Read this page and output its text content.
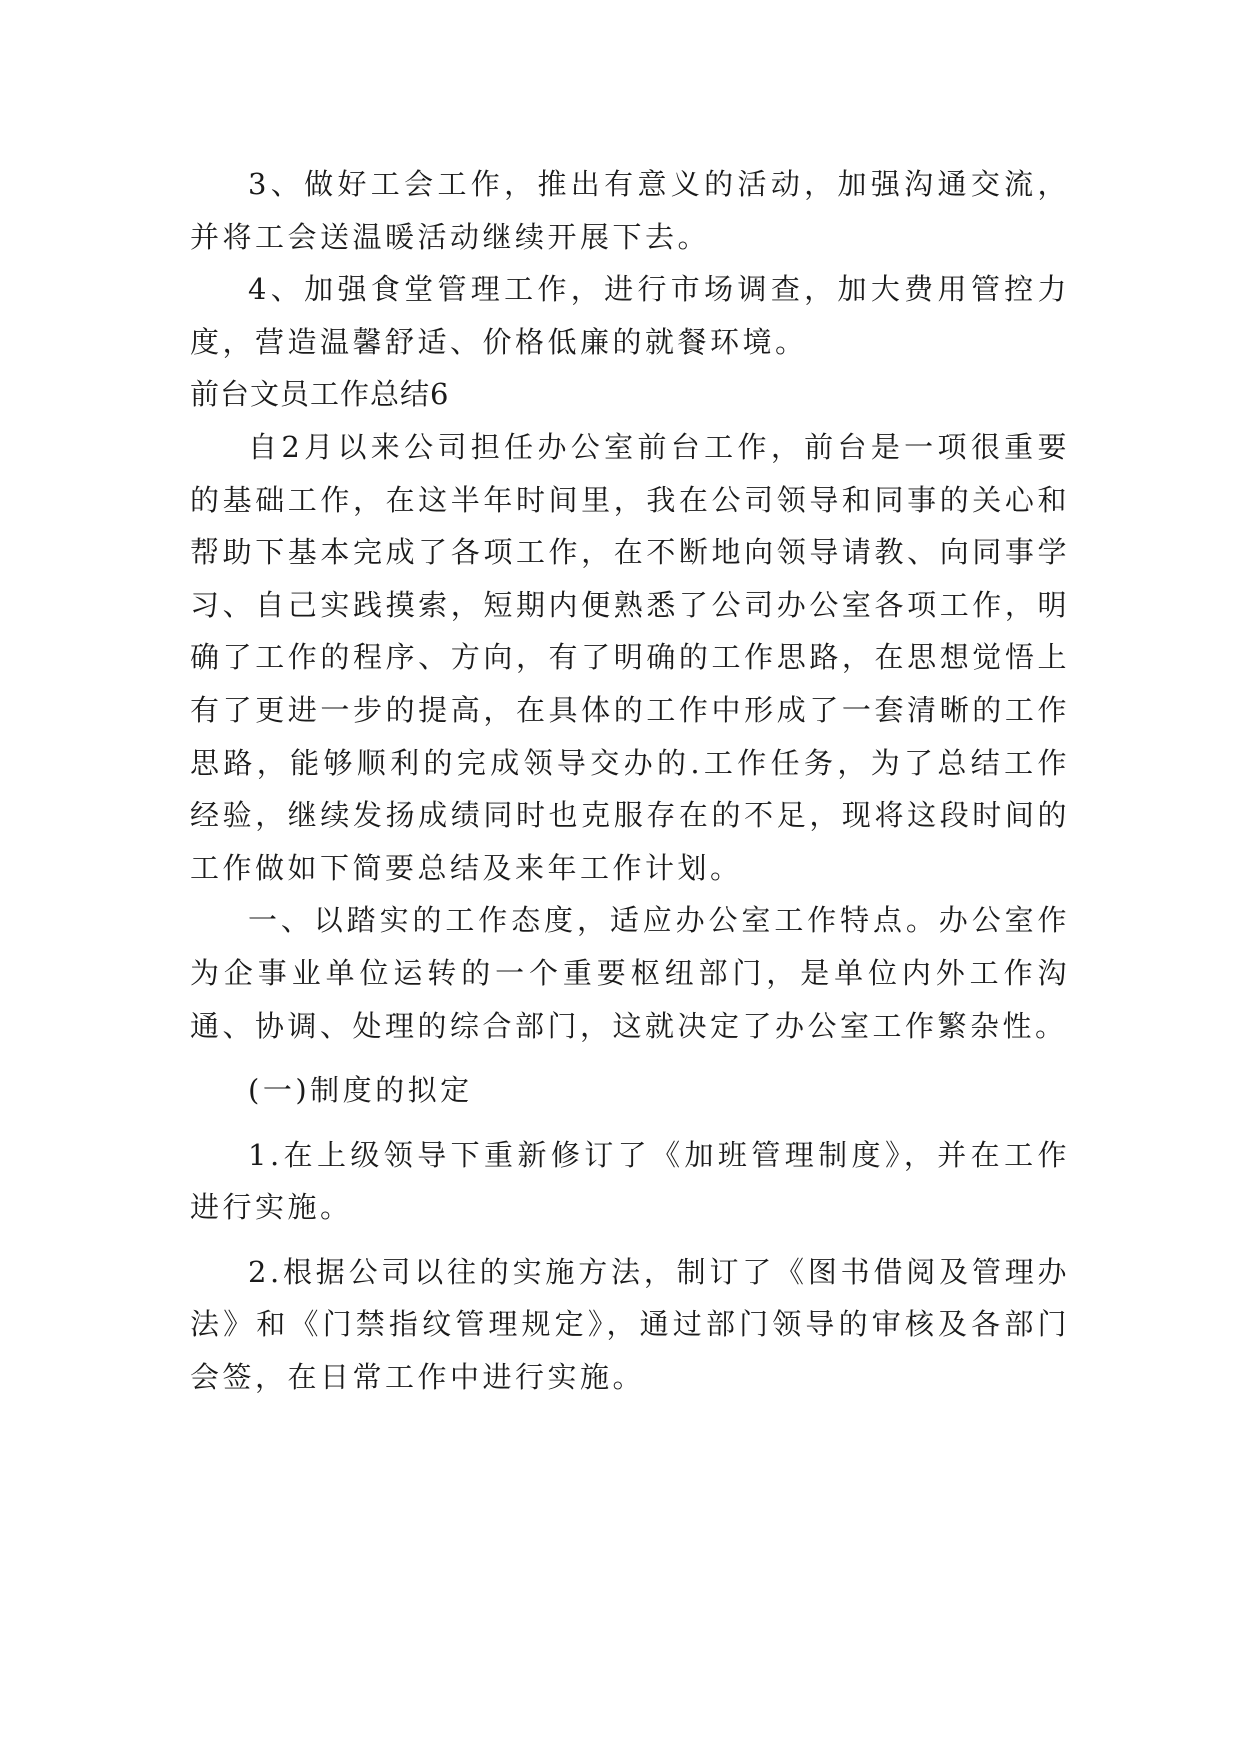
3、做好工会工作，推出有意义的活动，加强沟通交流，并将工会送温暖活动继续开展下去。

4、加强食堂管理工作，进行市场调查，加大费用管控力度，营造温馨舒适、价格低廉的就餐环境。

前台文员工作总结6

自2月以来公司担任办公室前台工作，前台是一项很重要的基础工作，在这半年时间里，我在公司领导和同事的关心和帮助下基本完成了各项工作，在不断地向领导请教、向同事学习、自己实践摸索，短期内便熟悉了公司办公室各项工作，明确了工作的程序、方向，有了明确的工作思路，在思想觉悟上有了更进一步的提高，在具体的工作中形成了一套清晰的工作思路，能够顺利的完成领导交办的.工作任务，为了总结工作经验，继续发扬成绩同时也克服存在的不足，现将这段时间的工作做如下简要总结及来年工作计划。

一、以踏实的工作态度，适应办公室工作特点。办公室作为企事业单位运转的一个重要枢纽部门，是单位内外工作沟通、协调、处理的综合部门，这就决定了办公室工作繁杂性。

(一)制度的拟定

1.在上级领导下重新修订了《加班管理制度》，并在工作进行实施。

2.根据公司以往的实施方法，制订了《图书借阅及管理办法》和《门禁指纹管理规定》，通过部门领导的审核及各部门会签，在日常工作中进行实施。
